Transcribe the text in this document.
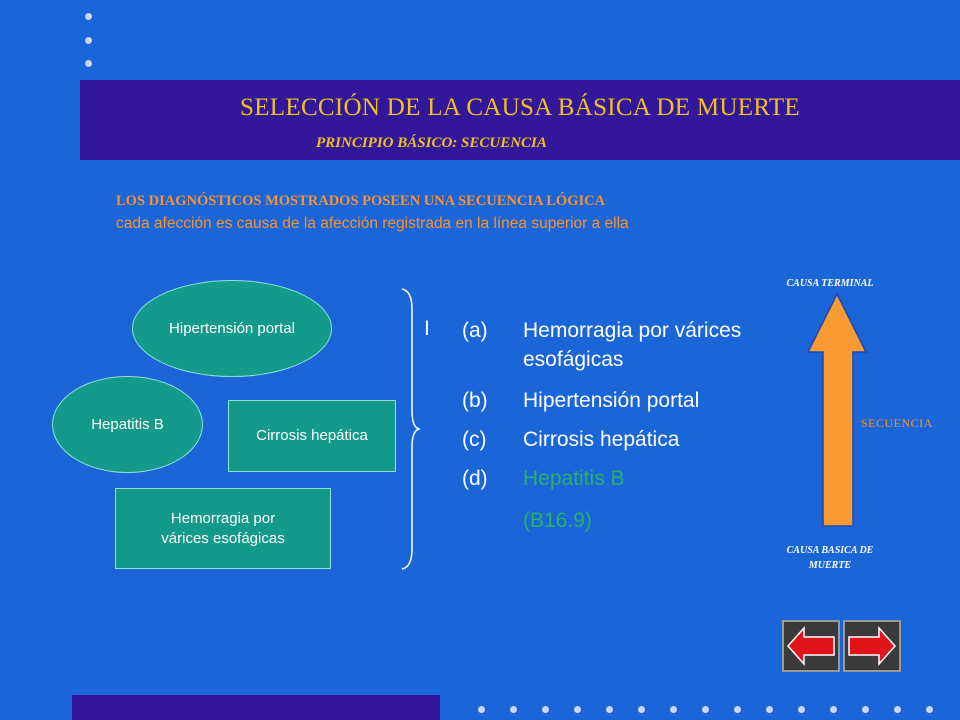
SELECCIÓN DE LA CAUSA BÁSICA DE MUERTE
PRINCIPIO BÁSICO: SECUENCIA
LOS DIAGNÓSTICOS MOSTRADOS POSEEN UNA SECUENCIA LÓGICA
cada afección es causa de la afección registrada en la línea superior a ella
Hipertensión portal
Hepatitis B
Cirrosis hepática
Hemorragia por várices esofágicas
I (a) Hemorragia por várices
esofágicas
(b) Hipertensión portal
(c) Cirrosis hepática
(d) Hepatitis B
(B16.9)
CAUSA TERMINAL
SECUENCIA
CAUSA BASICA DE MUERTE
